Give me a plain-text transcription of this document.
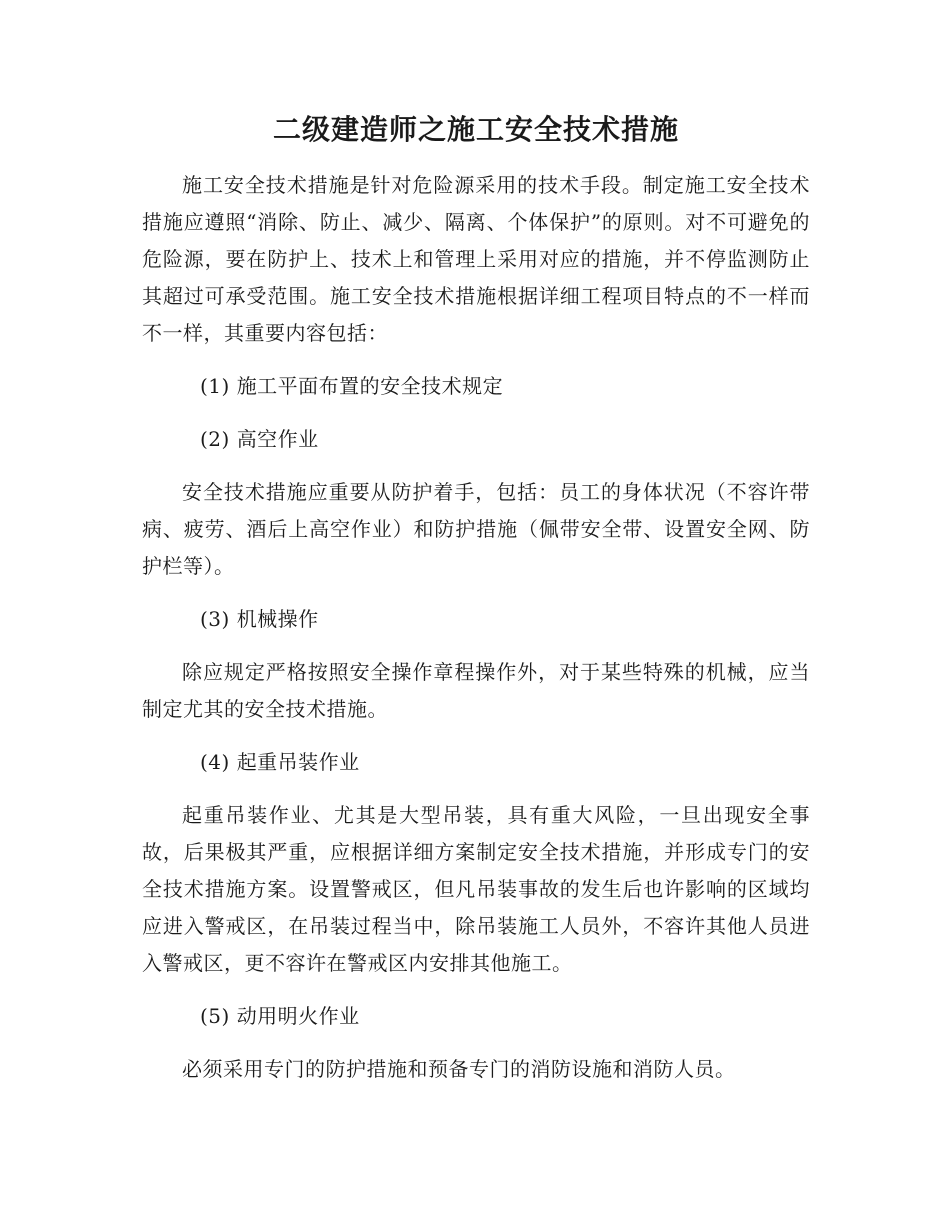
二级建造师之施工安全技术措施

施工安全技术措施是针对危险源采用的技术手段。制定施工安全技术措施应遵照“消除、防止、减少、隔离、个体保护”的原则。对不可避免的危险源，要在防护上、技术上和管理上采用对应的措施，并不停监测防止其超过可承受范围。施工安全技术措施根据详细工程项目特点的不一样而不一样，其重要内容包括：

(1) 施工平面布置的安全技术规定

(2) 高空作业

安全技术措施应重要从防护着手，包括：员工的身体状况（不容许带病、疲劳、酒后上高空作业）和防护措施（佩带安全带、设置安全网、防护栏等）。

(3) 机械操作

除应规定严格按照安全操作章程操作外，对于某些特殊的机械，应当制定尤其的安全技术措施。

(4) 起重吊装作业

起重吊装作业、尤其是大型吊装，具有重大风险，一旦出现安全事故，后果极其严重，应根据详细方案制定安全技术措施，并形成专门的安全技术措施方案。设置警戒区，但凡吊装事故的发生后也许影响的区域均应进入警戒区，在吊装过程当中，除吊装施工人员外，不容许其他人员进入警戒区，更不容许在警戒区内安排其他施工。

(5) 动用明火作业

必须采用专门的防护措施和预备专门的消防设施和消防人员。
